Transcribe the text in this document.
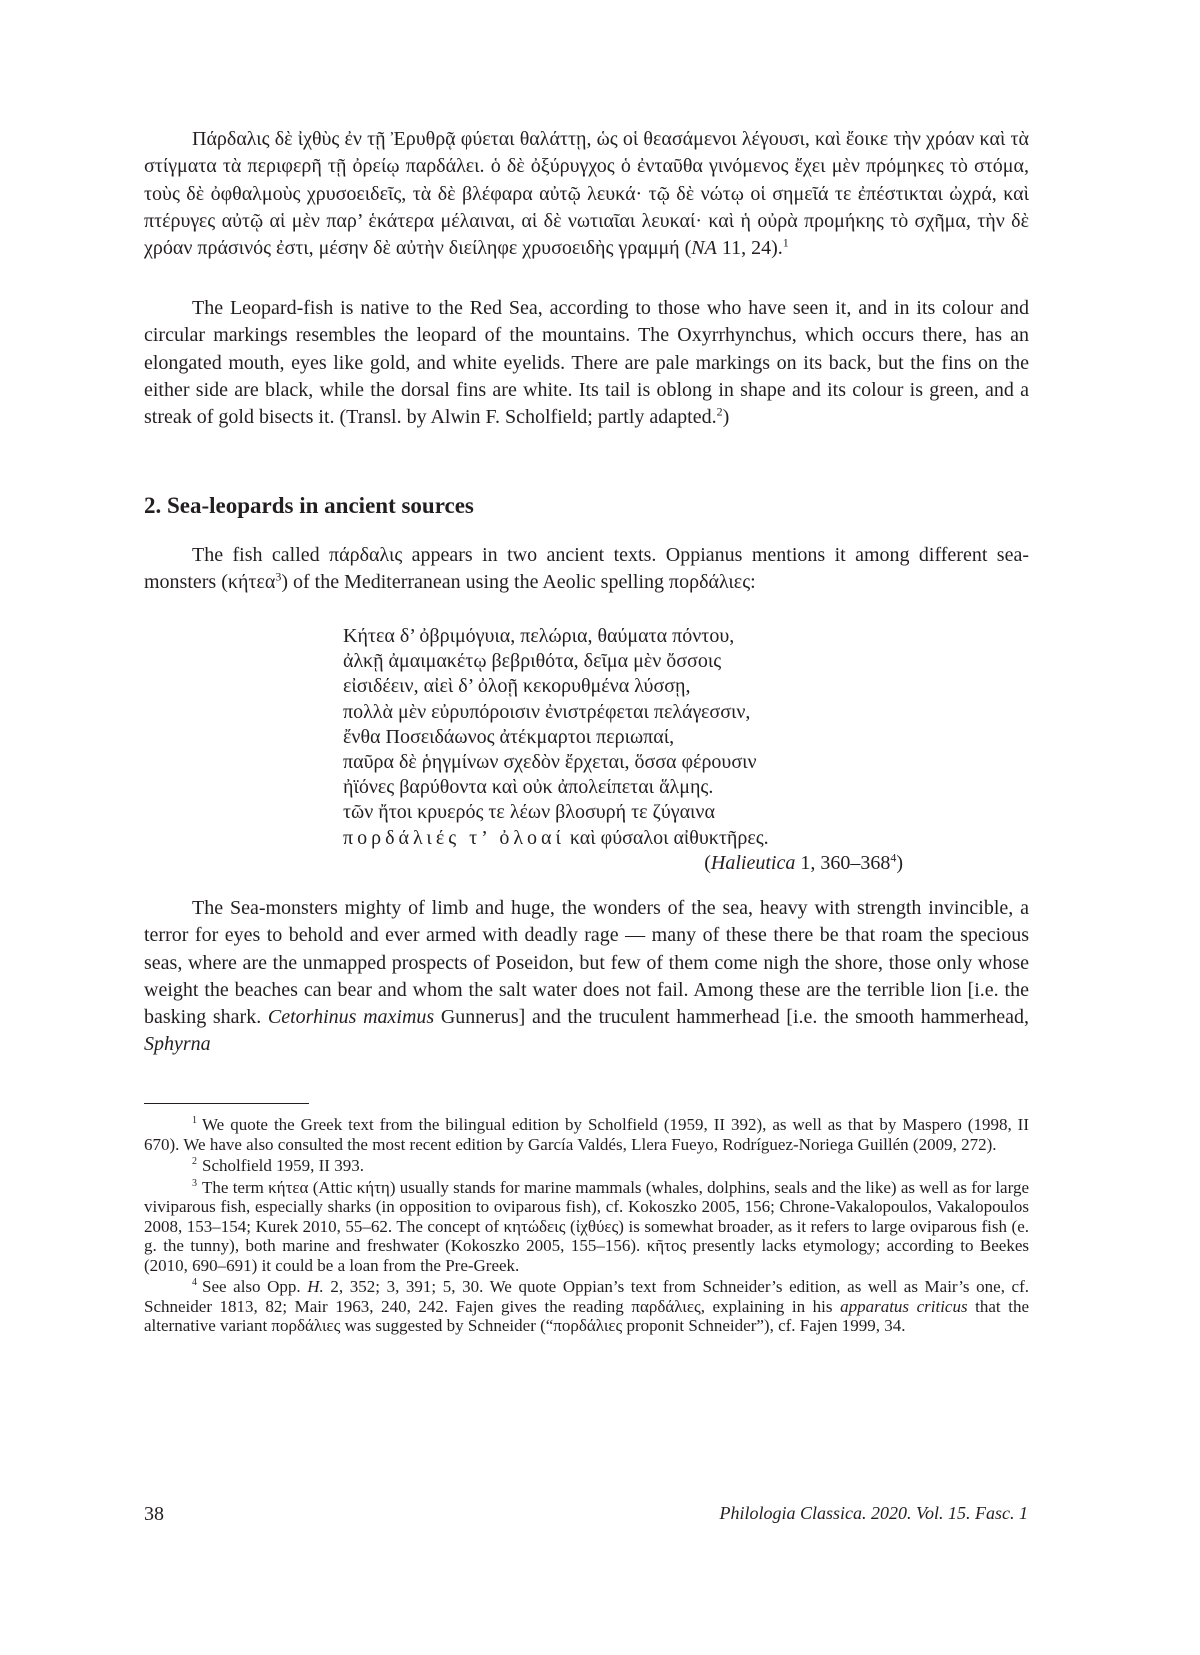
Πάρδαλις δὲ ἰχθὺς ἐν τῇ Ἐρυθρᾷ φύεται θαλάττῃ, ὡς οἱ θεασάμενοι λέγουσι, καὶ ἔοικε τὴν χρόαν καὶ τὰ στίγματα τὰ περιφερῆ τῇ ὀρείῳ παρδάλει. ὁ δὲ ὀξύρυγχος ὁ ἐνταῦθα γινόμενος ἔχει μὲν πρόμηκες τὸ στόμα, τοὺς δὲ ὀφθαλμοὺς χρυσοειδεῖς, τὰ δὲ βλέφαρα αὐτῷ λευκά· τῷ δὲ νώτῳ οἱ σημεῖά τε ἐπέστικται ὠχρά, καὶ πτέρυγες αὐτῷ αἱ μὲν παρ’ ἑκάτερα μέλαιναι, αἱ δὲ νωτιαῖαι λευκαί· καὶ ἡ οὐρὰ προμήκης τὸ σχῆμα, τὴν δὲ χρόαν πράσινός ἐστι, μέσην δὲ αὐτὴν διείληφε χρυσοειδὴς γραμμή (NA 11, 24).$^1$

The Leopard-fish is native to the Red Sea, according to those who have seen it, and in its colour and circular markings resembles the leopard of the mountains. The Oxyrrhynchus, which occurs there, has an elongated mouth, eyes like gold, and white eyelids. There are pale markings on its back, but the fins on the either side are black, while the dorsal fins are white. Its tail is oblong in shape and its colour is green, and a streak of gold bisects it. (Transl. by Alwin F. Scholfield; partly adapted.$^2$)

2. Sea-leopards in ancient sources

The fish called πάρδαλις appears in two ancient texts. Oppianus mentions it among different sea-monsters (κήτεα$^3$) of the Mediterranean using the Aeolic spelling πορδάλιες:

Κήτεα δ’ ὀβριμόγυια, πελώρια, θαύματα πόντου,
ἀλκῇ ἀμαιμακέτῳ βεβριθότα, δεῖμα μὲν ὄσσοις
εἰσιδέειν, αἰεὶ δ’ ὀλοῇ κεκορυθμένα λύσσῃ,
πολλὰ μὲν εὐρυπόροισιν ἐνιστρέφεται πελάγεσσιν,
ἔνθα Ποσειδάωνος ἀτέκμαρτοι περιωπαί,
παῦρα δὲ ῥηγμίνων σχεδὸν ἔρχεται, ὅσσα φέρουσιν
ἠϊόνες βαρύθοντα καὶ οὐκ ἀπολείπεται ἅλμης.
τῶν ἤτοι κρυερός τε λέων βλοσυρή τε ζύγαινα
πορδάλιές τ’ ὀλοαί καὶ φύσαλοι αἰθυκτῆρες.
(Halieutica 1, $360-368^4$)

The Sea-monsters mighty of limb and huge, the wonders of the sea, heavy with strength invincible, a terror for eyes to behold and ever armed with deadly rage — many of these there be that roam the specious seas, where are the unmapped prospects of Poseidon, but few of them come nigh the shore, those only whose weight the beaches can bear and whom the salt water does not fail. Among these are the terrible lion [i.e. the basking shark. Cetorhinus maximus Gunnerus] and the truculent hammerhead [i.e. the smooth hammerhead, Sphyrna

$^1$ We quote the Greek text from the bilingual edition by Scholfield (1959, II 392), as well as that by Maspero (1998, II 670). We have also consulted the most recent edition by García Valdés, Llera Fueyo, Rodríguez-Noriega Guillén (2009, 272).

$^2$ Scholfield 1959, II 393.

$^3$ The term κήτεα (Attic κήτη) usually stands for marine mammals (whales, dolphins, seals and the like) as well as for large viviparous fish, especially sharks (in opposition to oviparous fish), cf. Kokoszko 2005, 156; Chrone-Vakalopoulos, Vakalopoulos 2008, 153–154; Kurek 2010, 55–62. The concept of κητώδεις (ἰχθύες) is somewhat broader, as it refers to large oviparous fish (e. g. the tunny), both marine and freshwater (Kokoszko 2005, 155–156). κῆτος presently lacks etymology; according to Beekes (2010, 690–691) it could be a loan from the Pre-Greek.

$^4$ See also Opp. H. 2, 352; 3, 391; 5, 30. We quote Oppian’s text from Schneider’s edition, as well as Mair’s one, cf. Schneider 1813, 82; Mair 1963, 240, 242. Fajen gives the reading παρδάλιες, explaining in his apparatus criticus that the alternative variant πορδάλιες was suggested by Schneider (“πορδάλιες proponit Schneider”), cf. Fajen 1999, 34.

38	Philologia Classica. 2020. Vol. 15. Fasc. 1
